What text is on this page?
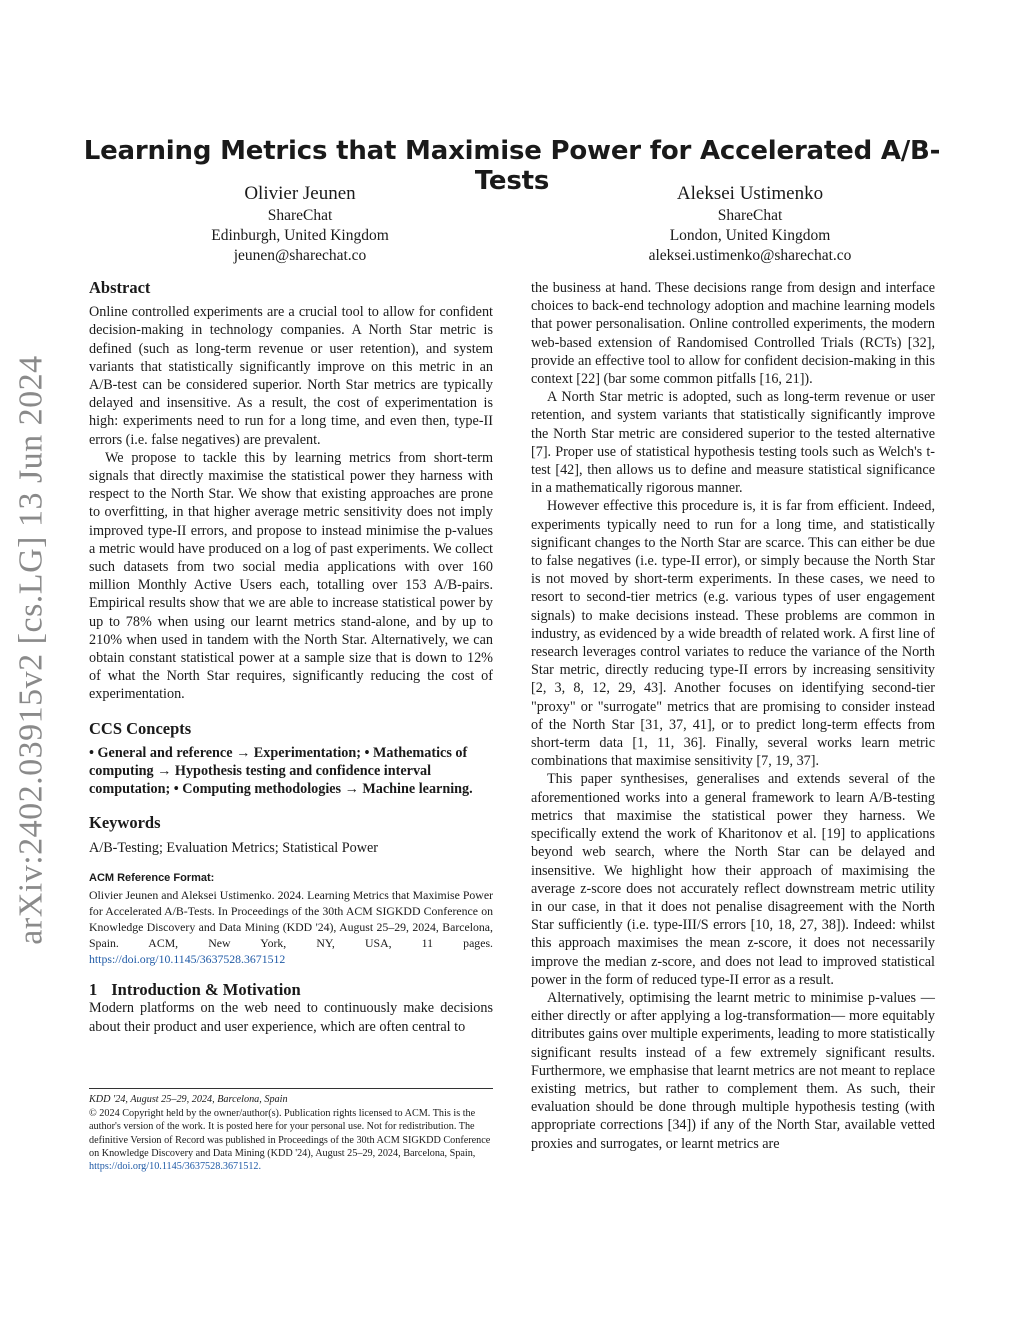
arXiv:2402.03915v2 [cs.LG] 13 Jun 2024
Learning Metrics that Maximise Power for Accelerated A/B-Tests
Olivier Jeunen
ShareChat
Edinburgh, United Kingdom
jeunen@sharechat.co
Aleksei Ustimenko
ShareChat
London, United Kingdom
aleksei.ustimenko@sharechat.co
Abstract

Online controlled experiments are a crucial tool to allow for confident decision-making in technology companies. A North Star metric is defined (such as long-term revenue or user retention), and system variants that statistically significantly improve on this metric in an A/B-test can be considered superior. North Star metrics are typically delayed and insensitive. As a result, the cost of experimentation is high: experiments need to run for a long time, and even then, type-II errors (i.e. false negatives) are prevalent.

We propose to tackle this by learning metrics from short-term signals that directly maximise the statistical power they harness with respect to the North Star. We show that existing approaches are prone to overfitting, in that higher average metric sensitivity does not imply improved type-II errors, and propose to instead minimise the p-values a metric would have produced on a log of past experiments. We collect such datasets from two social media applications with over 160 million Monthly Active Users each, totalling over 153 A/B-pairs. Empirical results show that we are able to increase statistical power by up to 78% when using our learnt metrics stand-alone, and by up to 210% when used in tandem with the North Star. Alternatively, we can obtain constant statistical power at a sample size that is down to 12% of what the North Star requires, significantly reducing the cost of experimentation.

CCS Concepts

• General and reference → Experimentation; • Mathematics of computing → Hypothesis testing and confidence interval computation; • Computing methodologies → Machine learning.

Keywords

A/B-Testing; Evaluation Metrics; Statistical Power

ACM Reference Format:

Olivier Jeunen and Aleksei Ustimenko. 2024. Learning Metrics that Maximise Power for Accelerated A/B-Tests. In Proceedings of the 30th ACM SIGKDD Conference on Knowledge Discovery and Data Mining (KDD '24), August 25–29, 2024, Barcelona, Spain. ACM, New York, NY, USA, 11 pages. https://doi.org/10.1145/3637528.3671512

1 Introduction & Motivation

Modern platforms on the web need to continuously make decisions about their product and user experience, which are often central to

KDD '24, August 25–29, 2024, Barcelona, Spain

© 2024 Copyright held by the owner/author(s). Publication rights licensed to ACM. This is the author's version of the work. It is posted here for your personal use. Not for redistribution. The definitive Version of Record was published in Proceedings of the 30th ACM SIGKDD Conference on Knowledge Discovery and Data Mining (KDD '24), August 25–29, 2024, Barcelona, Spain, https://doi.org/10.1145/3637528.3671512.

the business at hand. These decisions range from design and interface choices to back-end technology adoption and machine learning models that power personalisation. Online controlled experiments, the modern web-based extension of Randomised Controlled Trials (RCTs) [32], provide an effective tool to allow for confident decision-making in this context [22] (bar some common pitfalls [16, 21]).

A North Star metric is adopted, such as long-term revenue or user retention, and system variants that statistically significantly improve the North Star metric are considered superior to the tested alternative [7]. Proper use of statistical hypothesis testing tools such as Welch's t-test [42], then allows us to define and measure statistical significance in a mathematically rigorous manner.

However effective this procedure is, it is far from efficient. Indeed, experiments typically need to run for a long time, and statistically significant changes to the North Star are scarce. This can either be due to false negatives (i.e. type-II error), or simply because the North Star is not moved by short-term experiments. In these cases, we need to resort to second-tier metrics (e.g. various types of user engagement signals) to make decisions instead. These problems are common in industry, as evidenced by a wide breadth of related work. A first line of research leverages control variates to reduce the variance of the North Star metric, directly reducing type-II errors by increasing sensitivity [2, 3, 8, 12, 29, 43]. Another focuses on identifying second-tier "proxy" or "surrogate" metrics that are promising to consider instead of the North Star [31, 37, 41], or to predict long-term effects from short-term data [1, 11, 36]. Finally, several works learn metric combinations that maximise sensitivity [7, 19, 37].

This paper synthesises, generalises and extends several of the aforementioned works into a general framework to learn A/B-testing metrics that maximise the statistical power they harness. We specifically extend the work of Kharitonov et al. [19] to applications beyond web search, where the North Star can be delayed and insensitive. We highlight how their approach of maximising the average z-score does not accurately reflect downstream metric utility in our case, in that it does not penalise disagreement with the North Star sufficiently (i.e. type-III/S errors [10, 18, 27, 38]). Indeed: whilst this approach maximises the mean z-score, it does not necessarily improve the median z-score, and does not lead to improved statistical power in the form of reduced type-II error as a result.

Alternatively, optimising the learnt metric to minimise p-values —either directly or after applying a log-transformation— more equitably ditributes gains over multiple experiments, leading to more statistically significant results instead of a few extremely significant results. Furthermore, we emphasise that learnt metrics are not meant to replace existing metrics, but rather to complement them. As such, their evaluation should be done through multiple hypothesis testing (with appropriate corrections [34]) if any of the North Star, available vetted proxies and surrogates, or learnt metrics are
